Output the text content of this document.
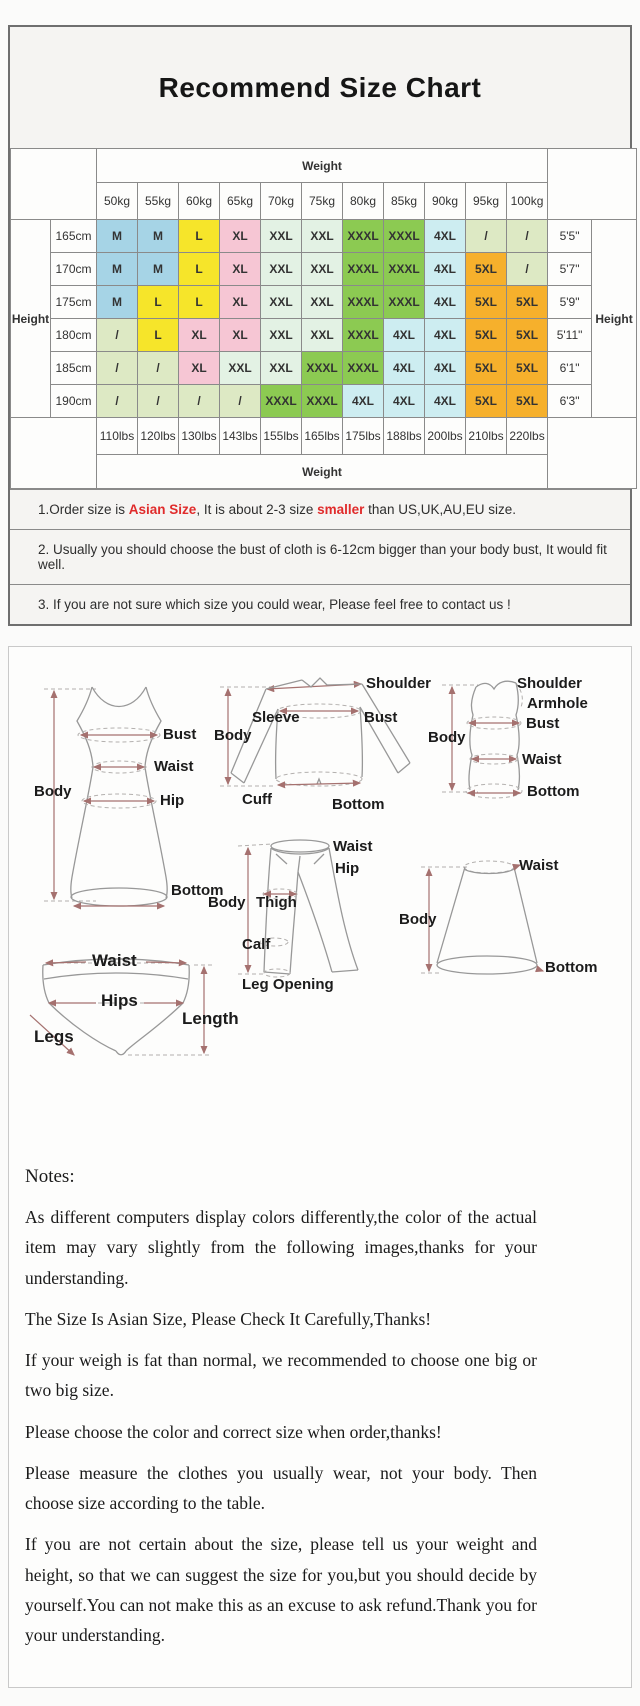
Recommend Size Chart
		Weight												
		50kg	55kg	60kg	65kg	70kg	75kg	80kg	85kg	90kg	95kg	100kg		
Height	165cm	M	M	L	XL	XXL	XXL	XXXL	XXXL	4XL	/	/	5'5"	Height
	170cm	M	M	L	XL	XXL	XXL	XXXL	XXXL	4XL	5XL	/	5'7"	
	175cm	M	L	L	XL	XXL	XXL	XXXL	XXXL	4XL	5XL	5XL	5'9"	
	180cm	/	L	XL	XL	XXL	XXL	XXXL	4XL	4XL	5XL	5XL	5'11"	
	185cm	/	/	XL	XXL	XXL	XXXL	XXXL	4XL	4XL	5XL	5XL	6'1"	
	190cm	/	/	/	/	XXXL	XXXL	4XL	4XL	4XL	5XL	5XL	6'3"	
		110lbs	120lbs	130lbs	143lbs	155lbs	165lbs	175lbs	188lbs	200lbs	210lbs	220lbs		
		Weight												
1.Order size is Asian Size, It is about 2-3 size smaller than US,UK,AU,EU size.
2. Usually you should choose the bust of cloth is 6-12cm bigger than your body bust, It would fit well.
3. If you are not sure which size you could wear, Please feel free to contact us !
Body
Bust
Waist
Hip
Bottom
Shoulder
Sleeve
Body
Bust
Cuff	Bottom
Shoulder
Armhole
Body
Bust
Waist
Bottom
Waist
Hip
Body Thigh
Calf
Leg Opening
Waist
Body
Bottom
Waist
Hips
Legs
Length
Notes:

As different computers display colors differently,the color of the actual item may vary slightly from the following images,thanks for your understanding.

The Size Is Asian Size, Please Check It Carefully,Thanks!

If your weigh is fat than normal, we recommended to choose one big or two big size.

Please choose the color and correct size when order,thanks!

Please measure the clothes you usually wear, not your body. Then choose size according to the table.

If you are not certain about the size, please tell us your weight and height, so that we can suggest the size for you,but you should decide by yourself.You can not make this as an excuse to ask refund.Thank you for your understanding.
